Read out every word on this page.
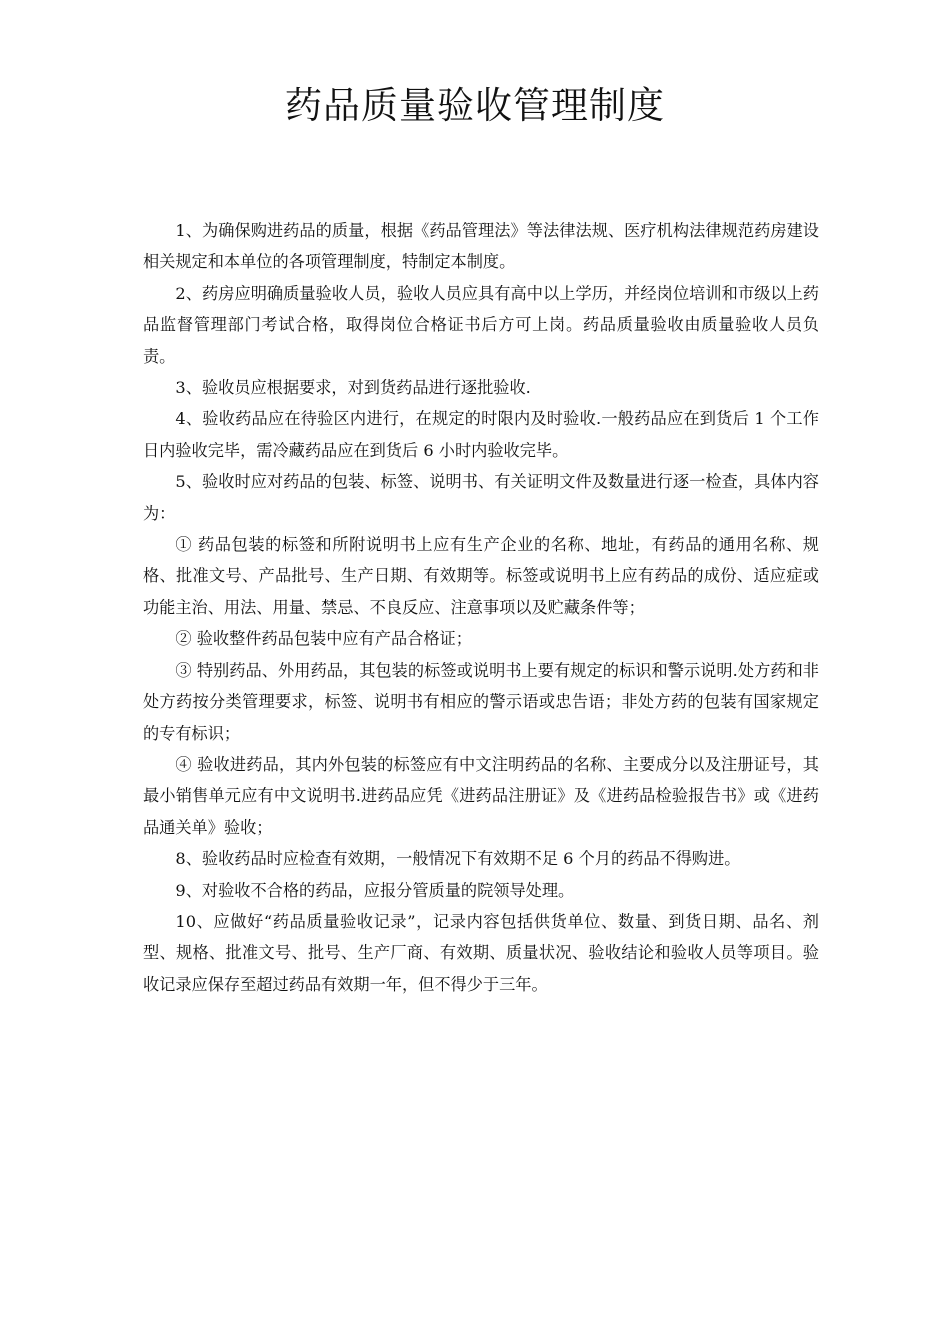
药品质量验收管理制度

1、为确保购进药品的质量，根据《药品管理法》等法律法规、医疗机构法律规范药房建设相关规定和本单位的各项管理制度，特制定本制度。

2、药房应明确质量验收人员，验收人员应具有高中以上学历，并经岗位培训和市级以上药品监督管理部门考试合格，取得岗位合格证书后方可上岗。药品质量验收由质量验收人员负责。

3、验收员应根据要求，对到货药品进行逐批验收.

4、验收药品应在待验区内进行，在规定的时限内及时验收.一般药品应在到货后 1 个工作日内验收完毕，需冷藏药品应在到货后 6 小时内验收完毕。

5、验收时应对药品的包装、标签、说明书、有关证明文件及数量进行逐一检查，具体内容为：

① 药品包装的标签和所附说明书上应有生产企业的名称、地址，有药品的通用名称、规格、批准文号、产品批号、生产日期、有效期等。标签或说明书上应有药品的成份、适应症或功能主治、用法、用量、禁忌、不良反应、注意事项以及贮藏条件等；

② 验收整件药品包装中应有产品合格证；

③ 特别药品、外用药品，其包装的标签或说明书上要有规定的标识和警示说明.处方药和非处方药按分类管理要求，标签、说明书有相应的警示语或忠告语；非处方药的包装有国家规定的专有标识；

④ 验收进药品，其内外包装的标签应有中文注明药品的名称、主要成分以及注册证号，其最小销售单元应有中文说明书.进药品应凭《进药品注册证》及《进药品检验报告书》或《进药品通关单》验收；

8、验收药品时应检查有效期，一般情况下有效期不足 6 个月的药品不得购进。

9、对验收不合格的药品，应报分管质量的院领导处理。

10、应做好“药品质量验收记录”，记录内容包括供货单位、数量、到货日期、品名、剂型、规格、批准文号、批号、生产厂商、有效期、质量状况、验收结论和验收人员等项目。验收记录应保存至超过药品有效期一年，但不得少于三年。
